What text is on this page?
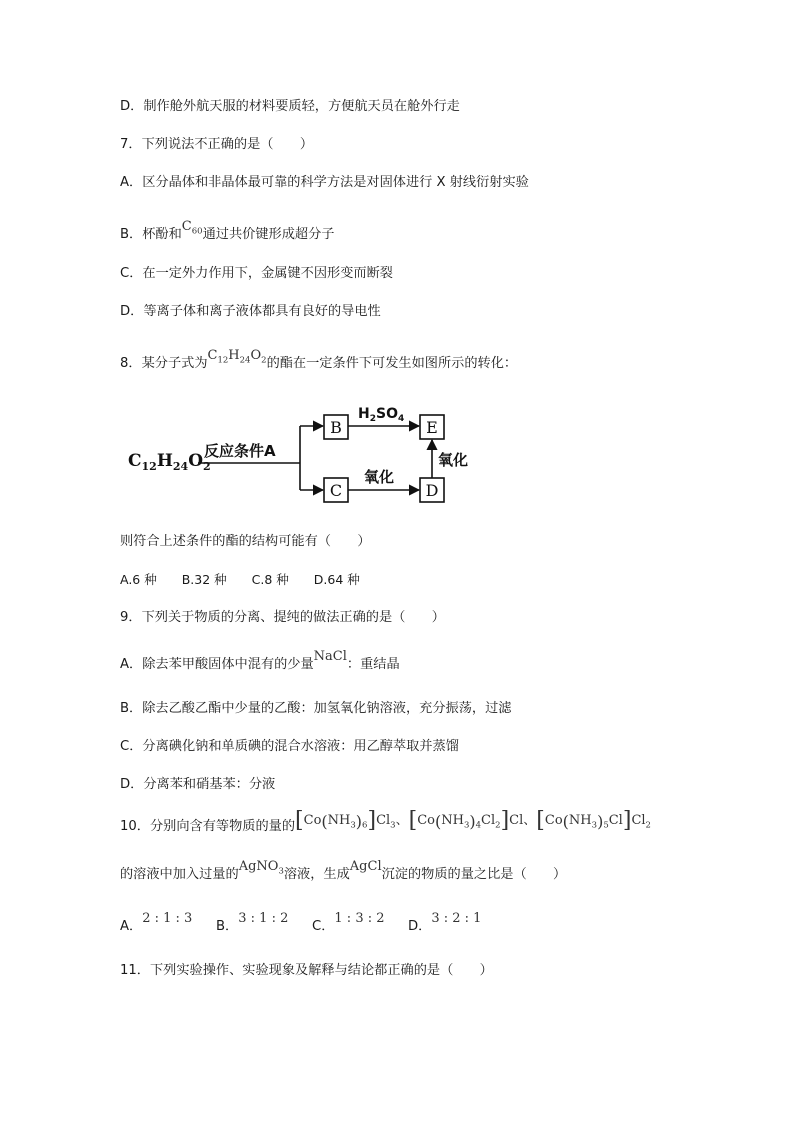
D．制作舱外航天服的材料要质轻，方便航天员在舱外行走
7．下列说法不正确的是（　　）
A．区分晶体和非晶体最可靠的科学方法是对固体进行 X 射线衍射实验
B．杯酚和$C_{60}$通过共价键形成超分子
C．在一定外力作用下，金属键不因形变而断裂
D．等离子体和离子液体都具有良好的导电性
8．某分子式为$C_{12}H_{24}O_2$的酯在一定条件下可发生如图所示的转化：
$C_{12}H_{24}O_2$
反应条件A
B
C
$H_2SO_4$
氧化
E
D
氧化
则符合上述条件的酯的结构可能有（　　）
A.6 种　　B.32 种　　C.8 种　　D.64 种
9．下列关于物质的分离、提纯的做法正确的是（　　）
A．除去苯甲酸固体中混有的少量NaCl：重结晶
B．除去乙酸乙酯中少量的乙酸：加氢氧化钠溶液，充分振荡，过滤
C．分离碘化钠和单质碘的混合水溶液：用乙醇萃取并蒸馏
D．分离苯和硝基苯：分液
10．分别向含有等物质的量的$[Co(NH_3)_6]Cl_3$、$[Co(NH_3)_4Cl_2]Cl$、$[Co(NH_3)_5Cl]Cl_2$
的溶液中加入过量的AgNO$_3$溶液，生成AgCl沉淀的物质的量之比是（　　）
A．2 : 1 : 3B．3 : 1 : 2C．1 : 3 : 2D．3 : 2 : 1
11．下列实验操作、实验现象及解释与结论都正确的是（　　）
